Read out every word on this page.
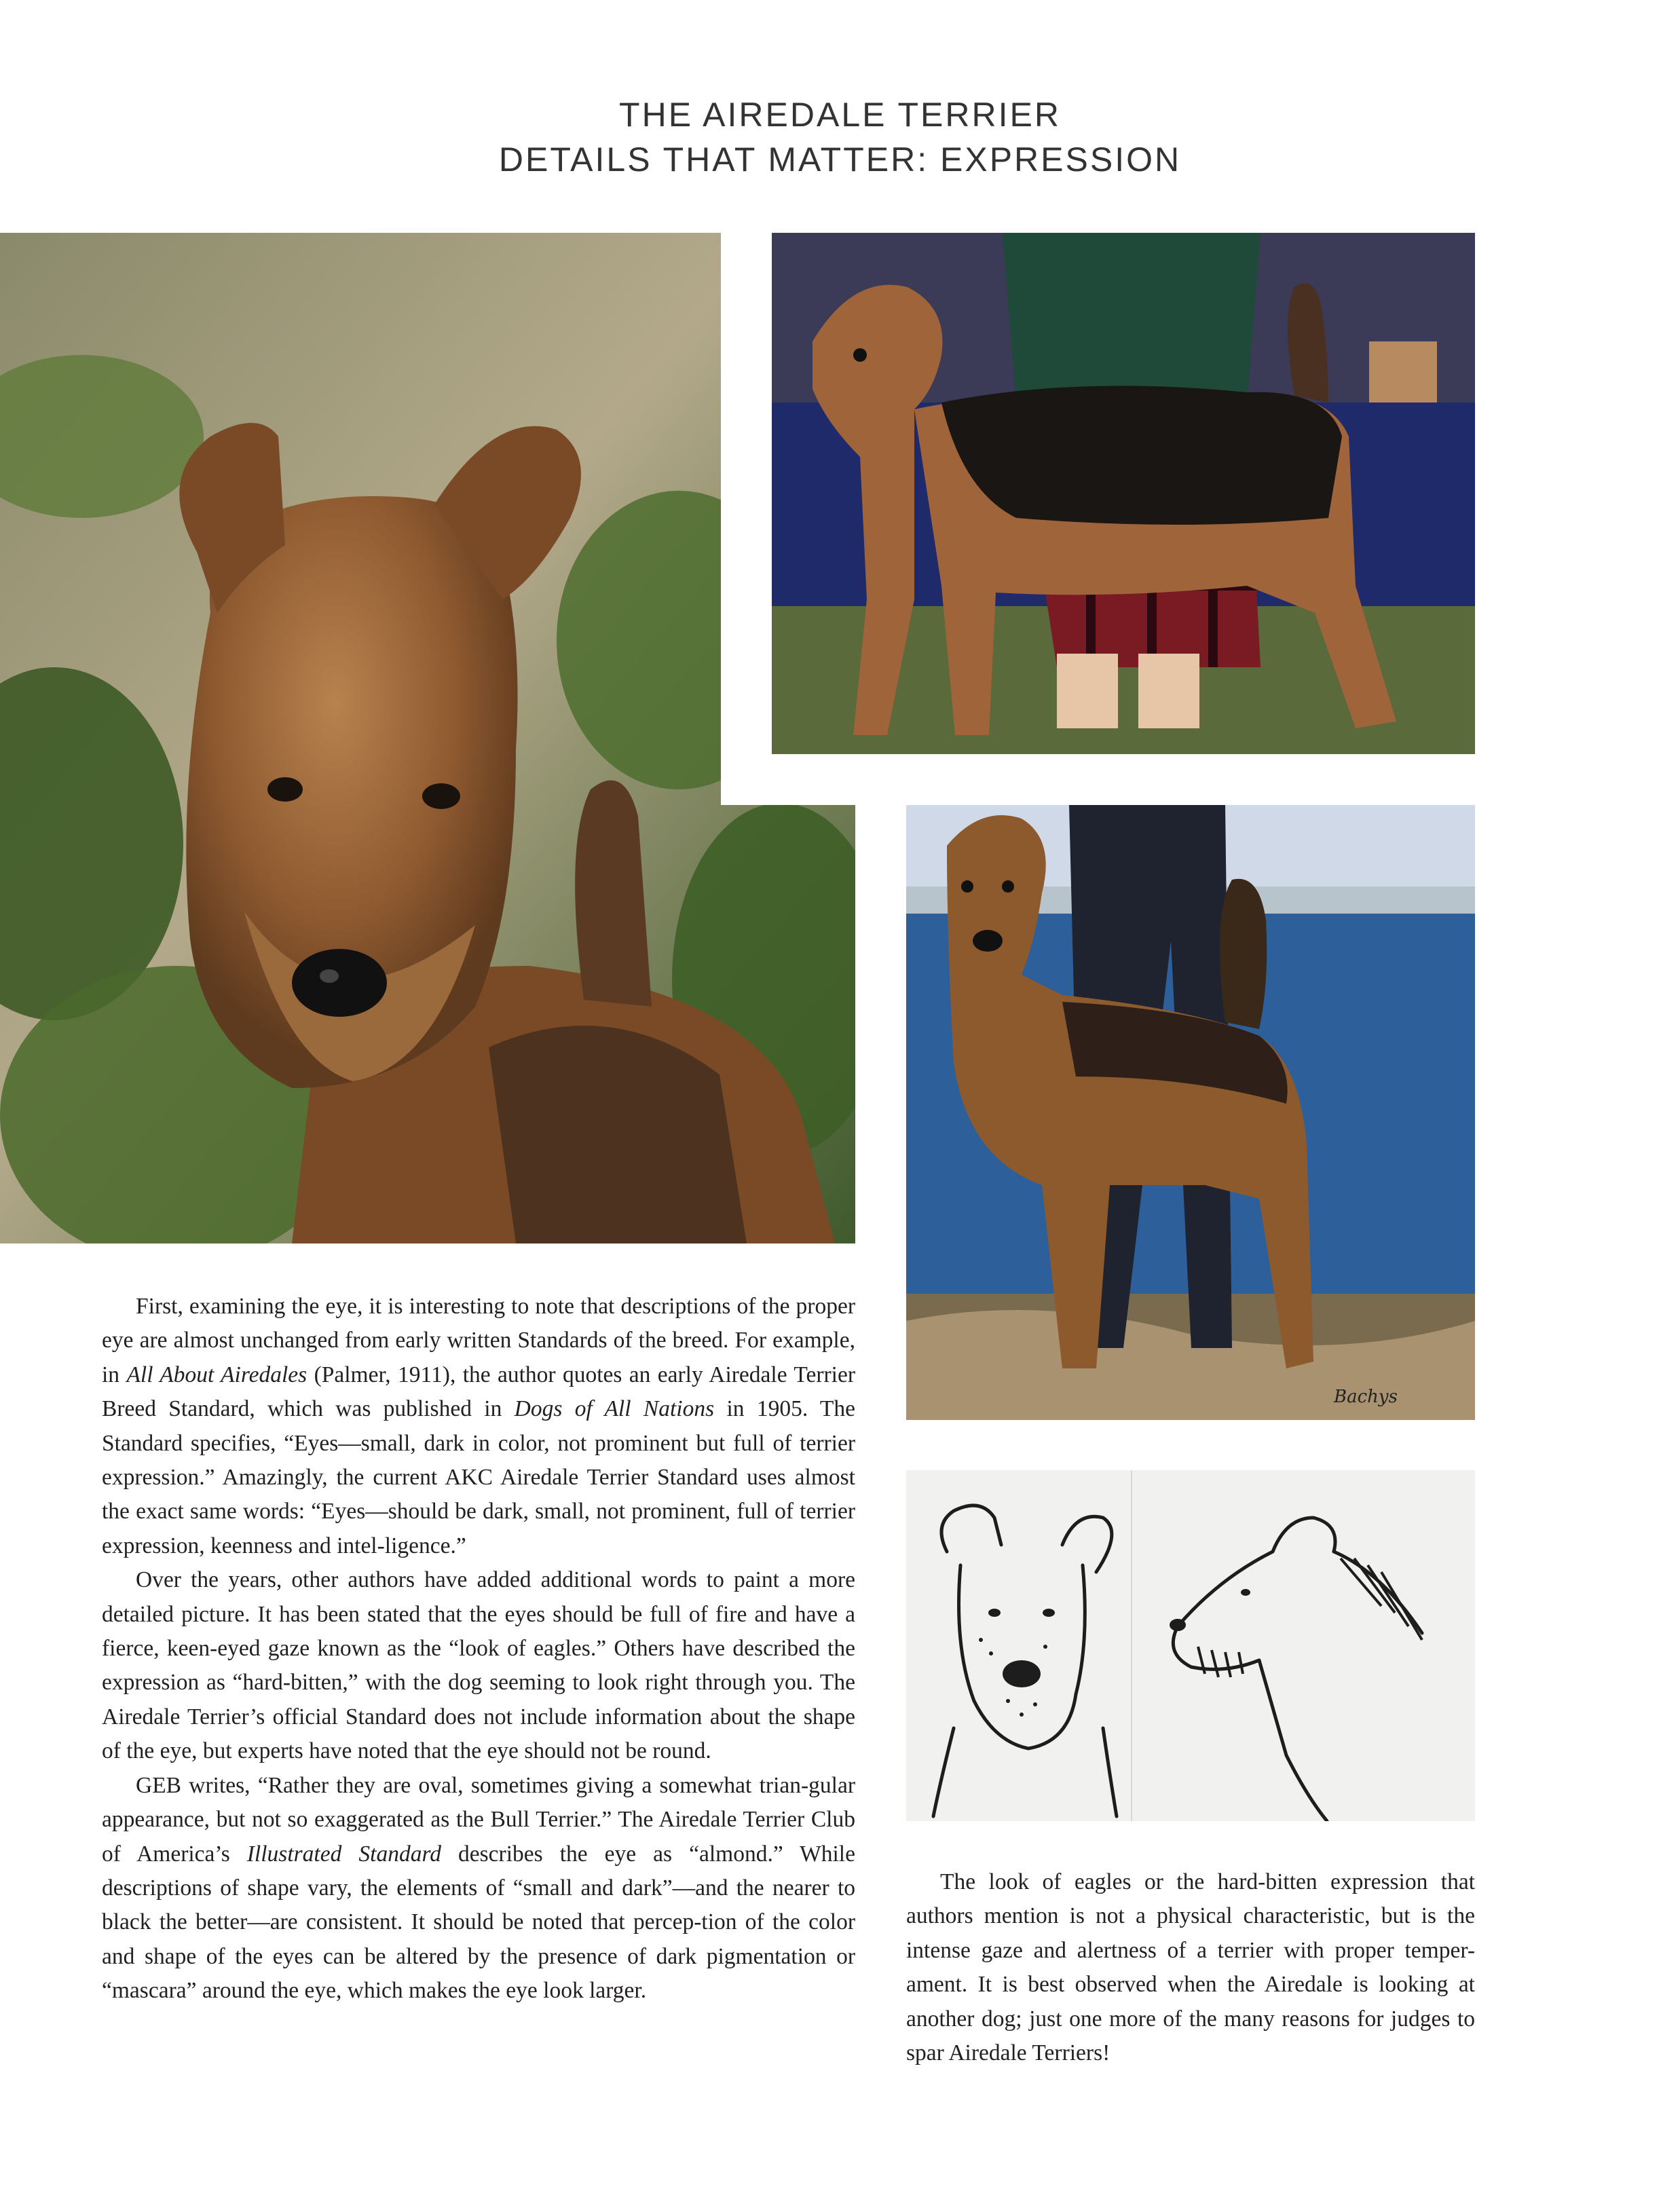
THE AIREDALE TERRIER
DETAILS THAT MATTER: EXPRESSION
Bachys

First, examining the eye, it is interesting to note that descriptions of the proper eye are almost unchanged from early written Standards of the breed. For example, in All About Airedales (Palmer, 1911), the author quotes an early Airedale Terrier Breed Standard, which was published in Dogs of All Nations in 1905. The Standard specifies, “Eyes—small, dark in color, not prominent but full of terrier expression.” Amazingly, the current AKC Airedale Terrier Standard uses almost the exact same words: “Eyes—should be dark, small, not prominent, full of terrier expression, keenness and intel-ligence.”

Over the years, other authors have added additional words to paint a more detailed picture. It has been stated that the eyes should be full of fire and have a fierce, keen-eyed gaze known as the “look of eagles.” Others have described the expression as “hard-bitten,” with the dog seeming to look right through you. The Airedale Terrier’s official Standard does not include information about the shape of the eye, but experts have noted that the eye should not be round.

GEB writes, “Rather they are oval, sometimes giving a somewhat trian-gular appearance, but not so exaggerated as the Bull Terrier.” The Airedale Terrier Club of America’s Illustrated Standard describes the eye as “almond.” While descriptions of shape vary, the elements of “small and dark”—and the nearer to black the better—are consistent. It should be noted that percep-tion of the color and shape of the eyes can be altered by the presence of dark pigmentation or “mascara” around the eye, which makes the eye look larger.

The look of eagles or the hard-bitten expression that authors mention is not a physical characteristic, but is the intense gaze and alertness of a terrier with proper temper-ament. It is best observed when the Airedale is looking at another dog; just one more of the many reasons for judges to spar Airedale Terriers!
